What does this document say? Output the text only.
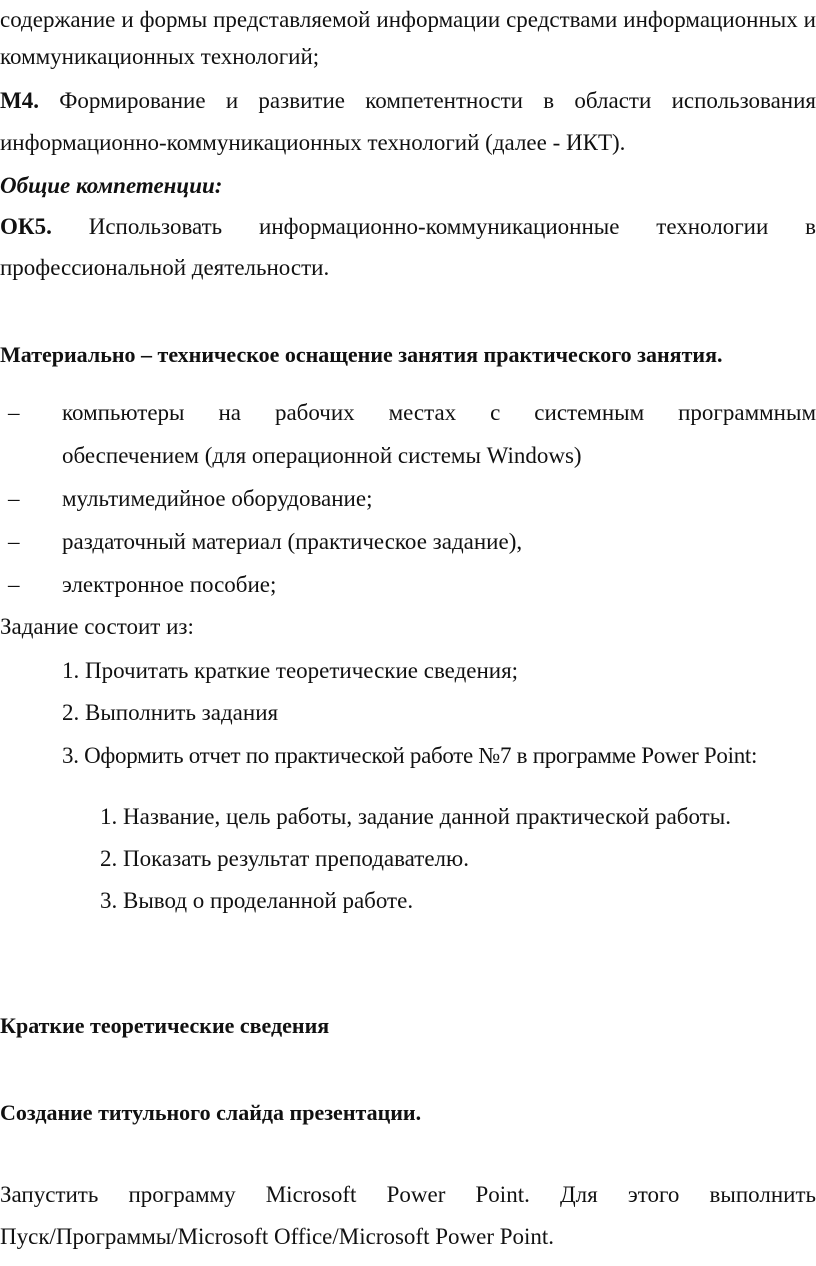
содержание и формы представляемой информации средствами информационных и
коммуникационных технологий;
М4. Формирование и развитие компетентности в области использования
информационно-коммуникационных технологий (далее - ИКТ).
Общие компетенции:
ОК5. Использовать информационно-коммуникационные технологии в
профессиональной деятельности.
Материально – техническое оснащение занятия практического занятия.
– компьютеры на рабочих местах с системным программным
обеспечением (для операционной системы Windows)
– мультимедийное оборудование;
– раздаточный материал (практическое задание),
– электронное пособие;
Задание состоит из:
1. Прочитать краткие теоретические сведения;
2. Выполнить задания
3. Оформить отчет по практической работе №7 в программе Power Point:
1. Название, цель работы, задание данной практической работы.
2. Показать результат преподавателю.
3. Вывод о проделанной работе.
Краткие теоретические сведения
Создание титульного слайда презентации.
Запустить программу Microsoft Power Point. Для этого выполнить
Пуск/Программы/Microsoft Office/Microsoft Power Point.
